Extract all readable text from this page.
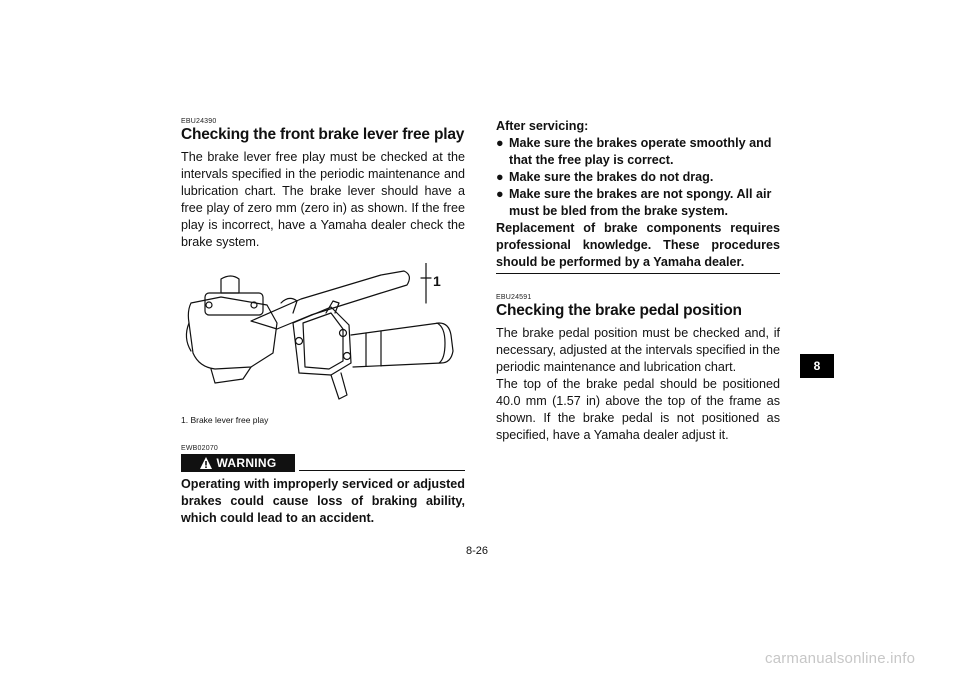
EBU24390
Checking the front brake lever free play

The brake lever free play must be checked at the intervals specified in the periodic maintenance and lubrication chart. The brake lever should have a free play of zero mm (zero in) as shown. If the free play is incorrect, have a Yamaha dealer check the brake system.

1
1. Brake lever free play
EWB02070
WARNING

Operating with improperly serviced or adjusted brakes could cause loss of braking ability, which could lead to an accident.

After servicing:

● Make sure the brakes operate smoothly and that the free play is correct.
● Make sure the brakes do not drag.
● Make sure the brakes are not spongy. All air must be bled from the brake system.

Replacement of brake components requires professional knowledge. These procedures should be performed by a Yamaha dealer.

EBU24591
Checking the brake pedal position

The brake pedal position must be checked and, if necessary, adjusted at the intervals specified in the periodic maintenance and lubrication chart.

The top of the brake pedal should be positioned 40.0 mm (1.57 in) above the top of the frame as shown. If the brake pedal is not positioned as specified, have a Yamaha dealer adjust it.

8-26
8
carmanualsonline.info
